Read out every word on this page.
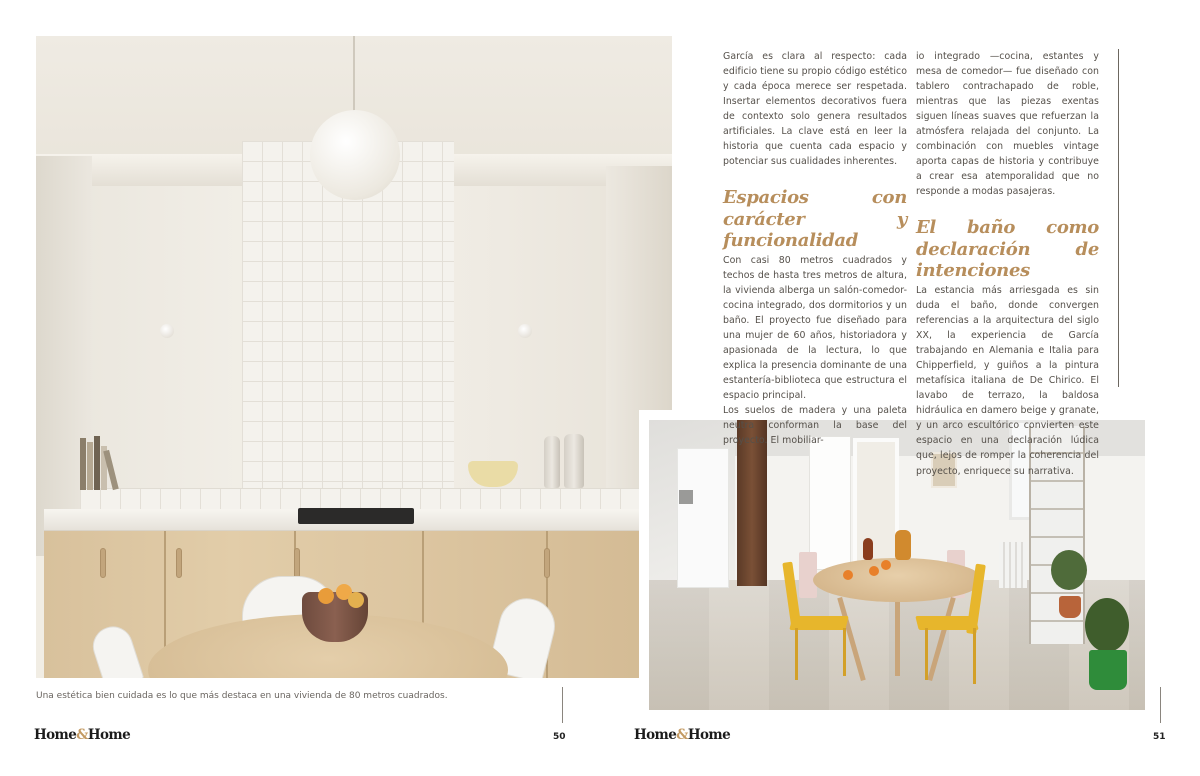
García es clara al respecto: cada edificio tiene su propio código estético y cada época merece ser respetada. Insertar elementos decorativos fuera de contexto solo genera resultados artificiales. La clave está en leer la historia que cuenta cada espacio y potenciar sus cualidades inherentes.

Espacios con carácter y funcionalidad

Con casi 80 metros cuadrados y techos de hasta tres metros de altura, la vivienda alberga un salón-comedor-cocina integrado, dos dormitorios y un baño. El proyecto fue diseñado para una mujer de 60 años, historiadora y apasionada de la lectura, lo que explica la presencia dominante de una estantería-biblioteca que estructura el espacio principal.

Los suelos de madera y una paleta neutra conforman la base del proyecto. El mobiliar-

io integrado —cocina, estantes y mesa de comedor— fue diseñado con tablero contrachapado de roble, mientras que las piezas exentas siguen líneas suaves que refuerzan la atmósfera relajada del conjunto. La combinación con muebles vintage aporta capas de historia y contribuye a crear esa atemporalidad que no responde a modas pasajeras.

El baño como declaración de intenciones

La estancia más arriesgada es sin duda el baño, donde convergen referencias a la arquitectura del siglo XX, la experiencia de García trabajando en Alemania e Italia para Chipperfield, y guiños a la pintura metafísica italiana de De Chirico. El lavabo de terrazo, la baldosa hidráulica en damero beige y granate, y un arco escultórico convierten este espacio en una declaración lúdica que, lejos de romper la coherencia del proyecto, enriquece su narrativa.

Una estética bien cuidada es lo que más destaca en una vivienda de 80 metros cuadrados.
Home&Home	50	Home&Home	51
